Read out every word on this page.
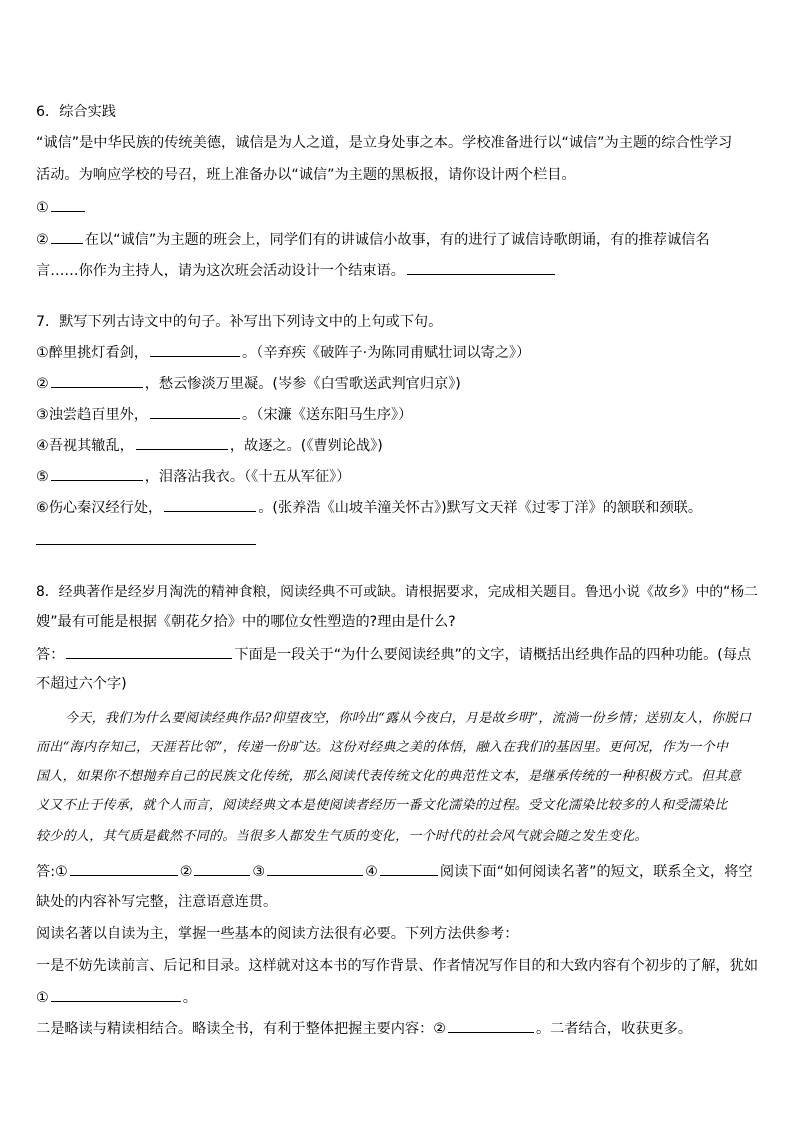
6．综合实践
“诚信”是中华民族的传统美德，诚信是为人之道，是立身处事之本。学校准备进行以“诚信”为主题的综合性学习
活动。为响应学校的号召，班上准备办以“诚信”为主题的黑板报，请你设计两个栏目。
①
②	在以“诚信”为主题的班会上，同学们有的讲诚信小故事，有的进行了诚信诗歌朗诵，有的推荐诚信名
言……你作为主持人，请为这次班会活动设计一个结束语。
7．默写下列古诗文中的句子。补写出下列诗文中的上句或下句。
①醉里挑灯看剑，	。（辛弃疾《破阵子·为陈同甫赋壮词以寄之》）
②	，愁云惨淡万里凝。(岑参《白雪歌送武判官归京》)
③浊尝趋百里外，	。（宋濂《送东阳马生序》）
④吾视其辙乱，	，故逐之。(《曹刿论战》)
⑤	，泪落沾我衣。（《十五从军征》）
⑥伤心秦汉经行处，	。(张养浩《山坡羊潼关怀古》)默写文天祥《过零丁洋》的颔联和颈联。
8．经典著作是经岁月淘洗的精神食粮，阅读经典不可或缺。请根据要求，完成相关题目。鲁迅小说《故乡》中的“杨二
嫂”最有可能是根据《朝花夕拾》中的哪位女性塑造的?理由是什么?
答：	下面是一段关于“为什么要阅读经典”的文字，请概括出经典作品的四种功能。(每点
不超过六个字)
今天，我们为什么要阅读经典作品?仰望夜空，你吟出“露从今夜白，月是故乡明”，流淌一份乡情；送别友人，你脱口
而出“海内存知己，天涯若比邻”，传递一份旷达。这份对经典之美的体悟，融入在我们的基因里。更何况，作为一个中
国人，如果你不想抛弃自己的民族文化传统，那么阅读代表传统文化的典范性文本，是继承传统的一种积极方式。但其意
义又不止于传承，就个人而言，阅读经典文本是使阅读者经历一番文化濡染的过程。受文化濡染比较多的人和受濡染比
较少的人，其气质是截然不同的。当很多人都发生气质的变化，一个时代的社会风气就会随之发生变化。
答:①	②	③	④	阅读下面“如何阅读名著”的短文，联系全文，将空
缺处的内容补写完整，注意语意连贯。
阅读名著以自读为主，掌握一些基本的阅读方法很有必要。下列方法供参考：
一是不妨先读前言、后记和目录。这样就对这本书的写作背景、作者情况写作目的和大致内容有个初步的了解，犹如
①	。
二是略读与精读相结合。略读全书，有利于整体把握主要内容：②	。二者结合，收获更多。
